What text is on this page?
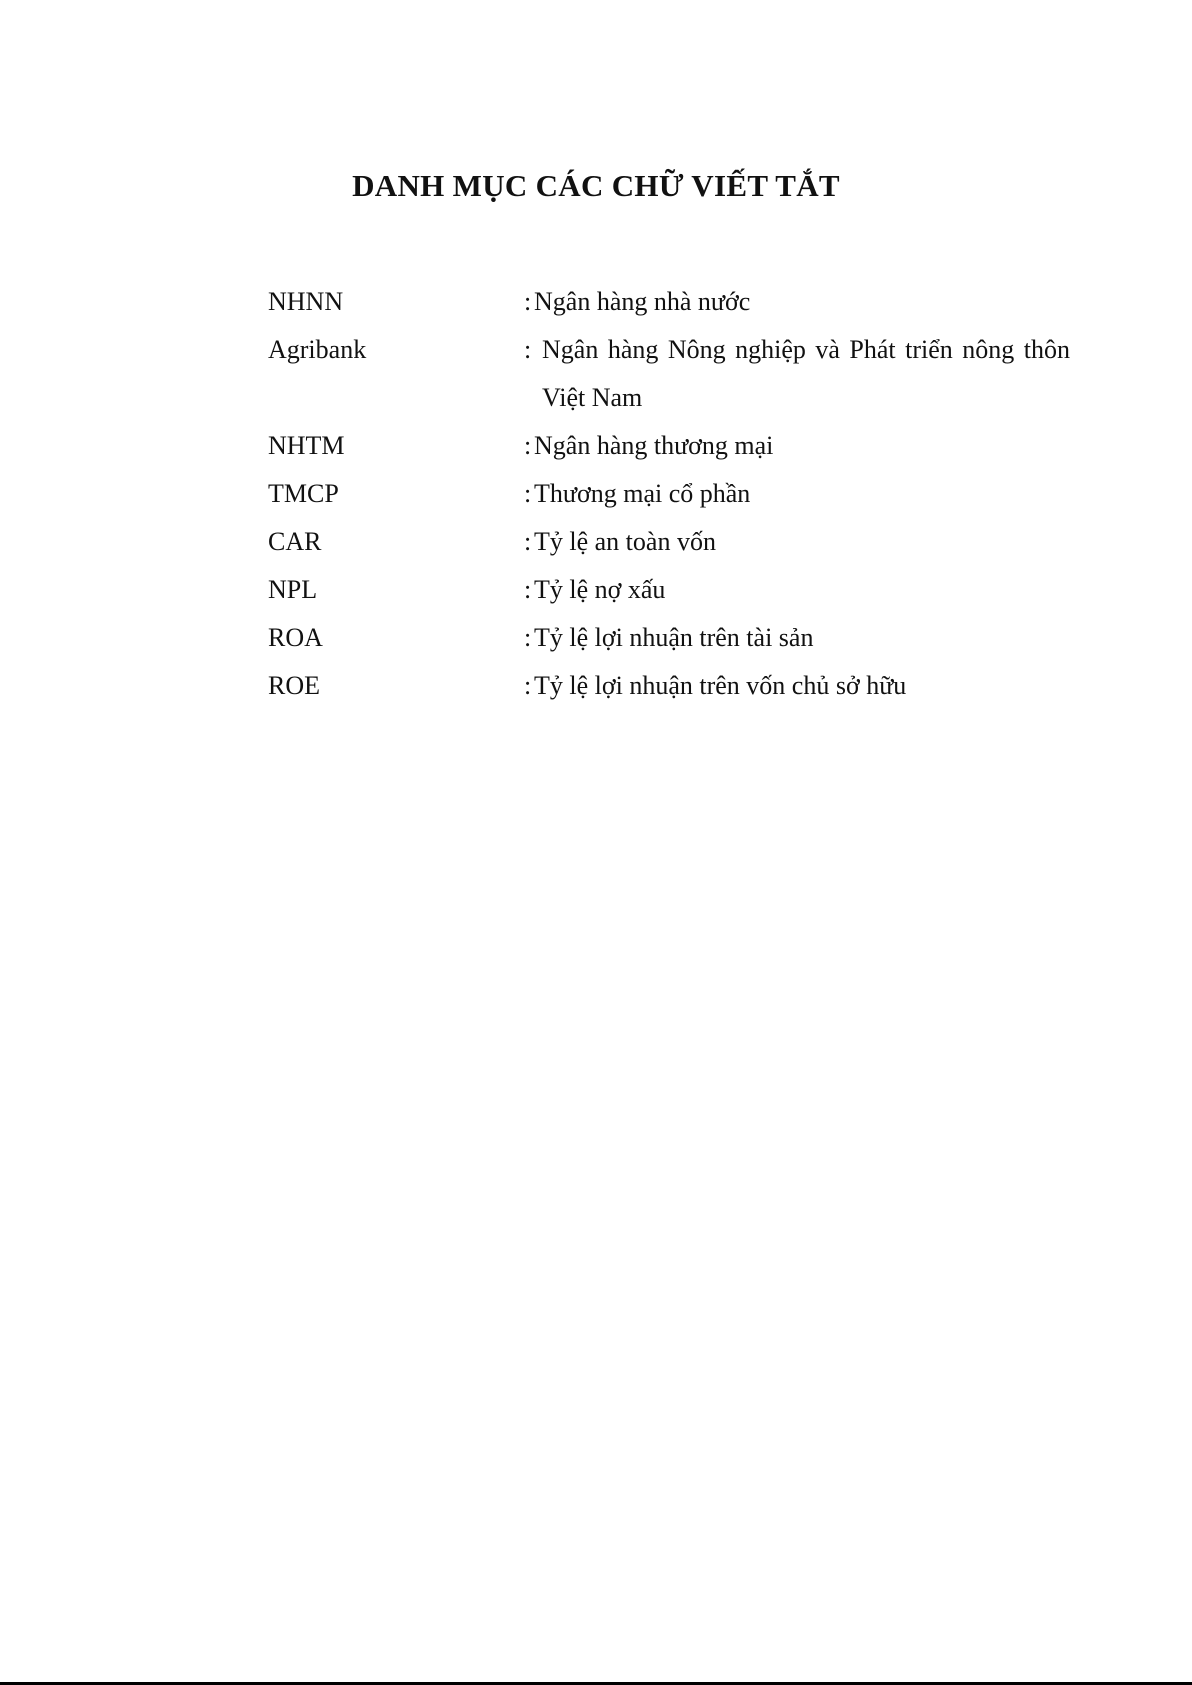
DANH MỤC CÁC CHỮ VIẾT TẮT
NHNN	: Ngân hàng nhà nước
Agribank	: Ngân hàng Nông nghiệp và Phát triển nông thôn Việt Nam
NHTM	: Ngân hàng thương mại
TMCP	: Thương mại cổ phần
CAR	: Tỷ lệ an toàn vốn
NPL	: Tỷ lệ nợ xấu
ROA	: Tỷ lệ lợi nhuận trên tài sản
ROE	: Tỷ lệ lợi nhuận trên vốn chủ sở hữu
